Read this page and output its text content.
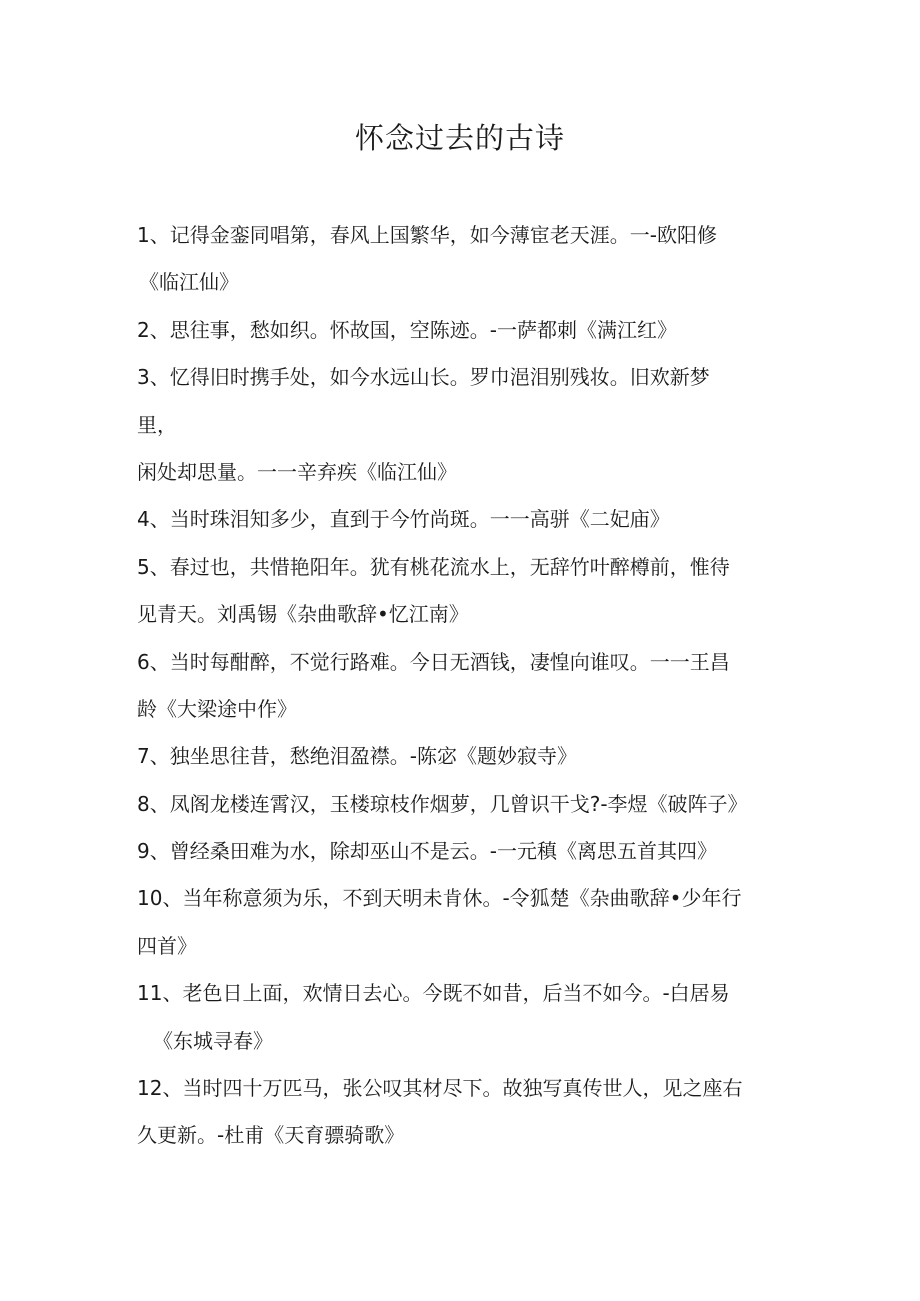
怀念过去的古诗
1、记得金銮同唱第，春风上国繁华，如今薄宦老天涯。一-欧阳修
《临江仙》
2、思往事，愁如织。怀故国，空陈迹。-一萨都刺《满江红》
3、忆得旧时携手处，如今水远山长。罗巾浥泪别残妆。旧欢新梦
里，
闲处却思量。一一辛弃疾《临江仙》
4、当时珠泪知多少，直到于今竹尚斑。一一高骈《二妃庙》
5、春过也，共惜艳阳年。犹有桃花流水上，无辞竹叶醉樽前，惟待
见青天。刘禹锡《杂曲歌辞•忆江南》
6、当时每酣醉，不觉行路难。今日无酒钱，凄惶向谁叹。一一王昌
龄《大梁途中作》
7、独坐思往昔，愁绝泪盈襟。-陈宓《题妙寂寺》
8、凤阁龙楼连霄汉，玉楼琼枝作烟萝，几曾识干戈?-李煜《破阵子》
9、曾经桑田难为水，除却巫山不是云。-一元稹《离思五首其四》
10、当年称意须为乐，不到天明未肯休。-令狐楚《杂曲歌辞•少年行
四首》
11、老色日上面，欢情日去心。今既不如昔，后当不如今。-白居易
《东城寻春》
12、当时四十万匹马，张公叹其材尽下。故独写真传世人，见之座右
久更新。-杜甫《天育骠骑歌》
